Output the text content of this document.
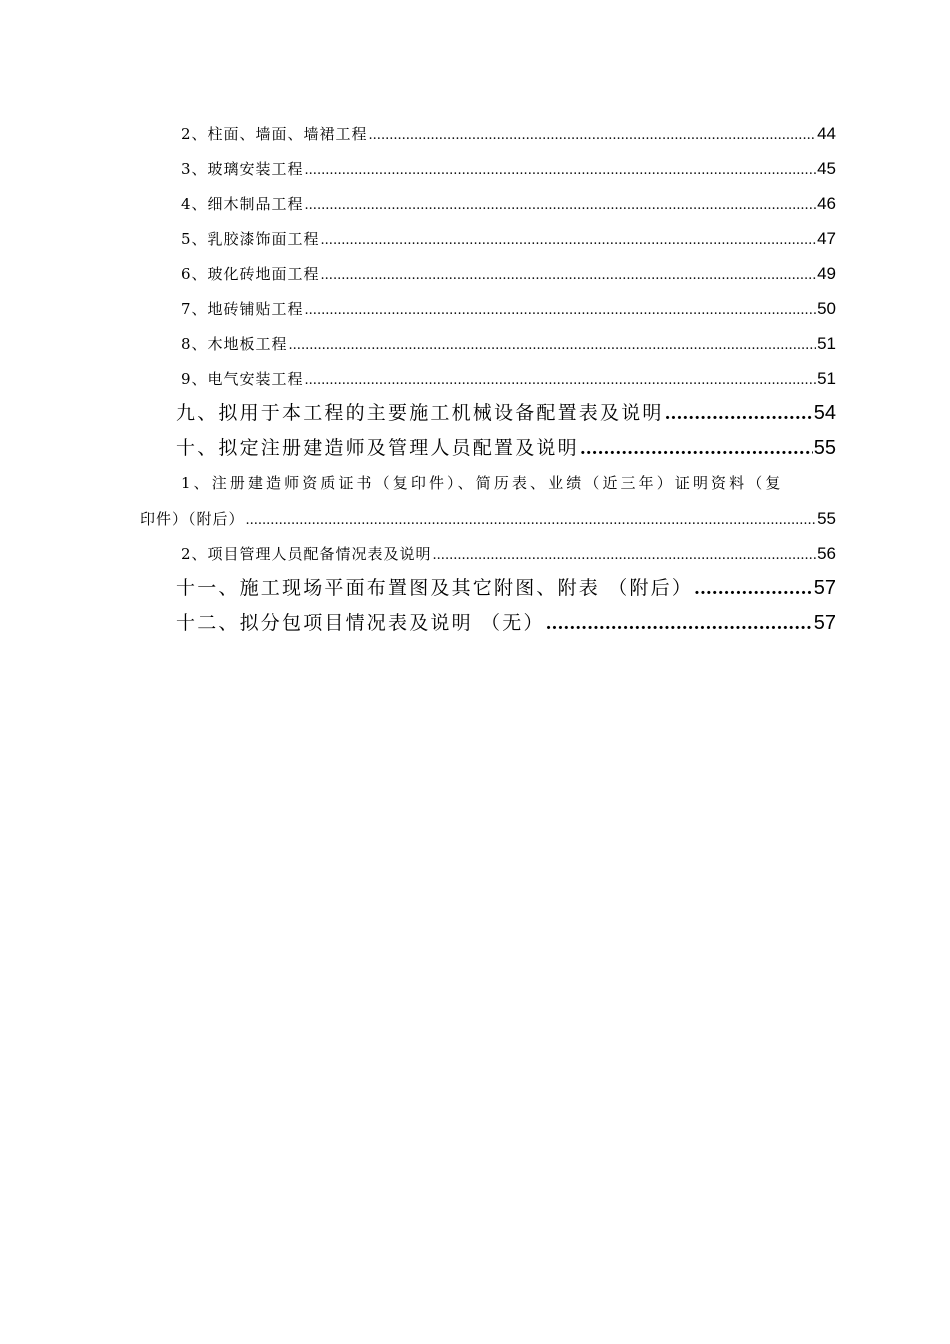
2、柱面、墙面、墙裙工程 .....	44
3、玻璃安装工程 .....	45
4、细木制品工程 .....	46
5、乳胶漆饰面工程 .....	47
6、玻化砖地面工程 .....	49
7、地砖铺贴工程 .....	50
8、木地板工程 .....	51
9、电气安装工程 .....	51
九、拟用于本工程的主要施工机械设备配置表及说明 .....	54
十、拟定注册建造师及管理人员配置及说明 .....	55
1、注册建造师资质证书（复印件）、简历表、业绩（近三年）证明资料（复
印件）（附后） .....	55
2、项目管理人员配备情况表及说明 .....	56
十一、施工现场平面布置图及其它附图、附表 （附后） .....	57
十二、拟分包项目情况表及说明 （无） .....	57
